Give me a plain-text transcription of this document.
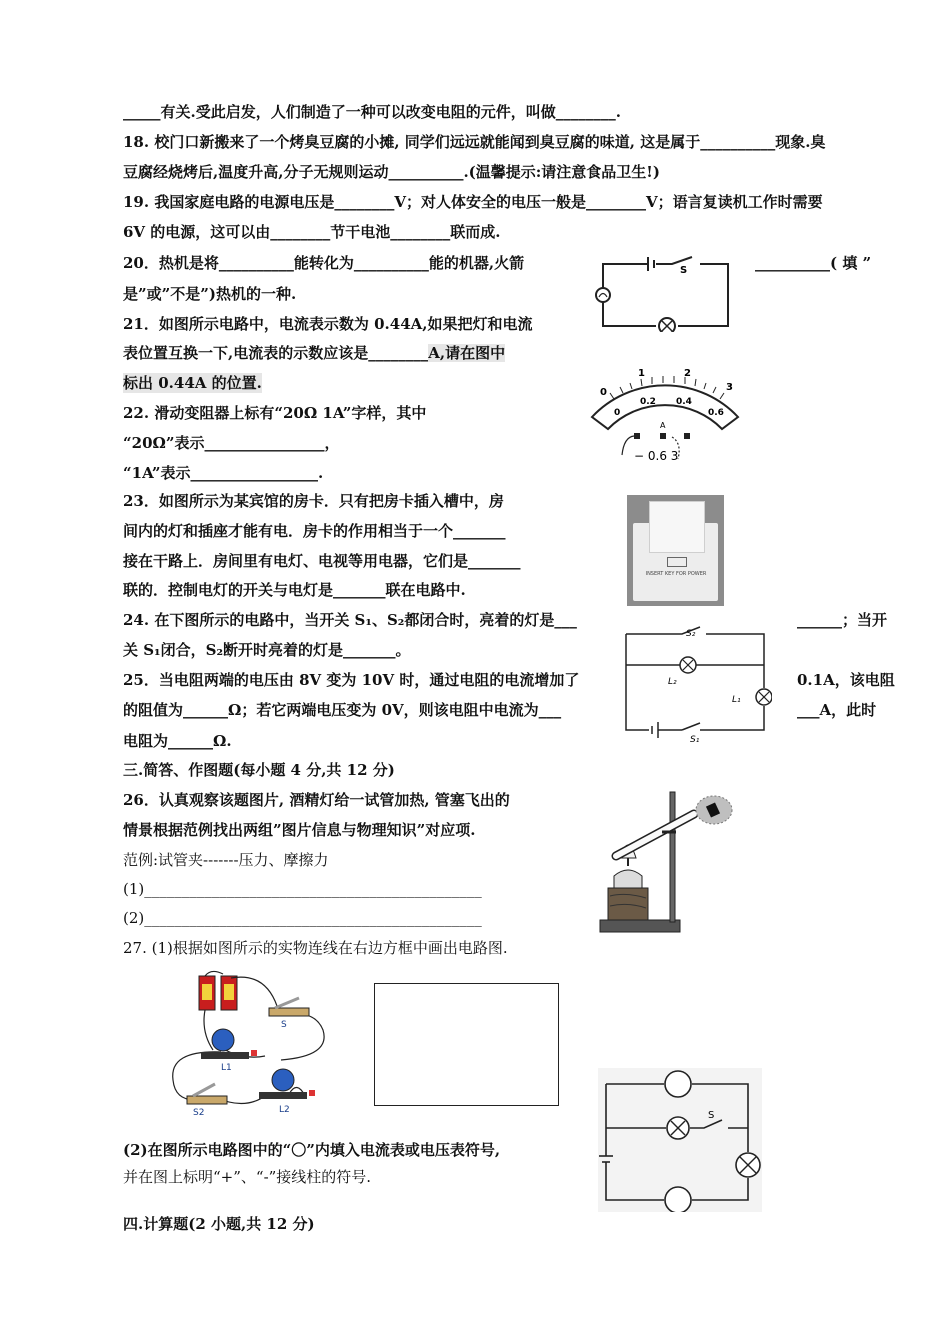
_____有关.受此启发，人们制造了一种可以改变电阻的元件，叫做________.
18. 校门口新搬来了一个烤臭豆腐的小摊, 同学们远远就能闻到臭豆腐的味道, 这是属于__________现象.臭
豆腐经烧烤后,温度升高,分子无规则运动__________.(温馨提示:请注意食品卫生!)
19. 我国家庭电路的电源电压是________V；对人体安全的电压一般是________V；语言复读机工作时需要
6V 的电源，这可以由________节干电池________联而成.
20．热机是将__________能转化为__________能的机器,火箭	__________( 填 ”
是”或”不是”)热机的一种.
21．如图所示电路中，电流表示数为 0.44A,如果把灯和电流
表位置互换一下,电流表的示数应该是________A,请在图中
标出 0.44A 的位置.
22. 滑动变阻器上标有“20Ω 1A”字样，其中
“20Ω”表示________________，
“1A”表示_________________.
23．如图所示为某宾馆的房卡．只有把房卡插入槽中，房
间内的灯和插座才能有电．房卡的作用相当于一个_______
接在干路上．房间里有电灯、电视等用电器，它们是_______
联的．控制电灯的开关与电灯是_______联在电路中.
24. 在下图所示的电路中，当开关 S₁、S₂都闭合时，亮着的灯是___	______；当开
关 S₁闭合，S₂断开时亮着的灯是_______。
25．当电阻两端的电压由 8V 变为 10V 时，通过电阻的电流增加了	0.1A，该电阻
的阻值为______Ω；若它两端电压变为 0V，则该电阻中电流为___	___A，此时
电阻为______Ω.
三.简答、作图题(每小题 4 分,共 12 分)
26．认真观察该题图片, 酒精灯给一试管加热, 管塞飞出的
情景根据范例找出两组”图片信息与物理知识”对应项.
范例:试管夹-------压力、摩擦力
(1)_____________________________________________
(2)_____________________________________________
27. (1)根据如图所示的实物连线在右边方框中画出电路图.
(2)在图所示电路图中的“〇”内填入电流表或电压表符号,
并在图上标明“+”、“-”接线柱的符号.
四.计算题(2 小题,共 12 分)
S
0
1	2
3
0
0.2 0.4
0.6
A
− 0.6 3
INSERT KEY FOR POWER
S₂
L₂
L₁
S₁
S
L1
S2	L2	S
